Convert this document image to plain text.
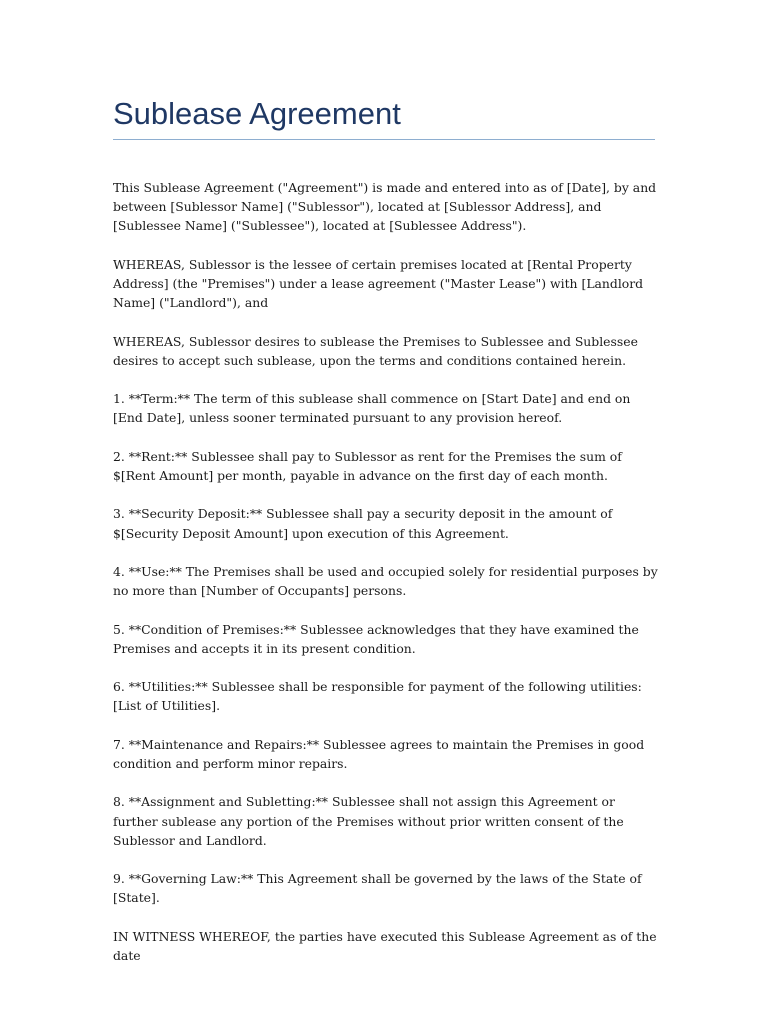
Sublease Agreement

This Sublease Agreement ("Agreement") is made and entered into as of [Date], by and between [Sublessor Name] ("Sublessor"), located at [Sublessor Address], and [Sublessee Name] ("Sublessee"), located at [Sublessee Address").

WHEREAS, Sublessor is the lessee of certain premises located at [Rental Property Address] (the "Premises") under a lease agreement ("Master Lease") with [Landlord Name] ("Landlord"), and

WHEREAS, Sublessor desires to sublease the Premises to Sublessee and Sublessee desires to accept such sublease, upon the terms and conditions contained herein.

1. **Term:** The term of this sublease shall commence on [Start Date] and end on [End Date], unless sooner terminated pursuant to any provision hereof.

2. **Rent:** Sublessee shall pay to Sublessor as rent for the Premises the sum of $[Rent Amount] per month, payable in advance on the first day of each month.

3. **Security Deposit:** Sublessee shall pay a security deposit in the amount of $[Security Deposit Amount] upon execution of this Agreement.

4. **Use:** The Premises shall be used and occupied solely for residential purposes by no more than [Number of Occupants] persons.

5. **Condition of Premises:** Sublessee acknowledges that they have examined the Premises and accepts it in its present condition.

6. **Utilities:** Sublessee shall be responsible for payment of the following utilities: [List of Utilities].

7. **Maintenance and Repairs:** Sublessee agrees to maintain the Premises in good condition and perform minor repairs.

8. **Assignment and Subletting:** Sublessee shall not assign this Agreement or further sublease any portion of the Premises without prior written consent of the Sublessor and Landlord.

9. **Governing Law:** This Agreement shall be governed by the laws of the State of [State].

IN WITNESS WHEREOF, the parties have executed this Sublease Agreement as of the date
